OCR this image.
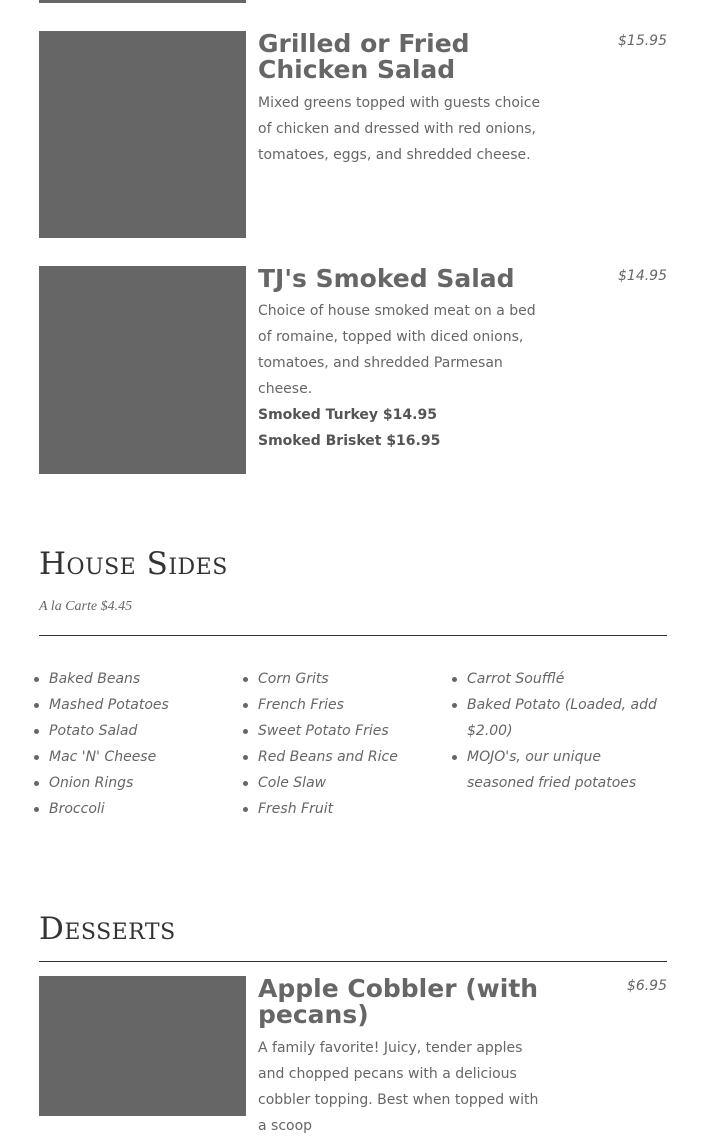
Grilled or Fried Chicken Salad
$15.95

Mixed greens topped with guests choice of chicken and dressed with red onions, tomatoes, eggs, and shredded cheese.

TJ's Smoked Salad	$14.95

Choice of house smoked meat on a bed of romaine, topped with diced onions, tomatoes, and shredded Parmesan cheese.

Smoked Turkey $14.95
Smoked Brisket $16.95
House Sides
A la Carte $4.45
Baked Beans
Mashed Potatoes
Potato Salad
Mac 'N' Cheese
Onion Rings
Broccoli
Corn Grits
French Fries
Sweet Potato Fries
Red Beans and Rice
Cole Slaw
Fresh Fruit
Carrot Soufflé
Baked Potato (Loaded, add $2.00)
MOJO's, our unique seasoned fried potatoes
Desserts
Apple Cobbler (with pecans)
$6.95

A family favorite! Juicy, tender apples and chopped pecans with a delicious cobbler topping. Best when topped with a scoop
